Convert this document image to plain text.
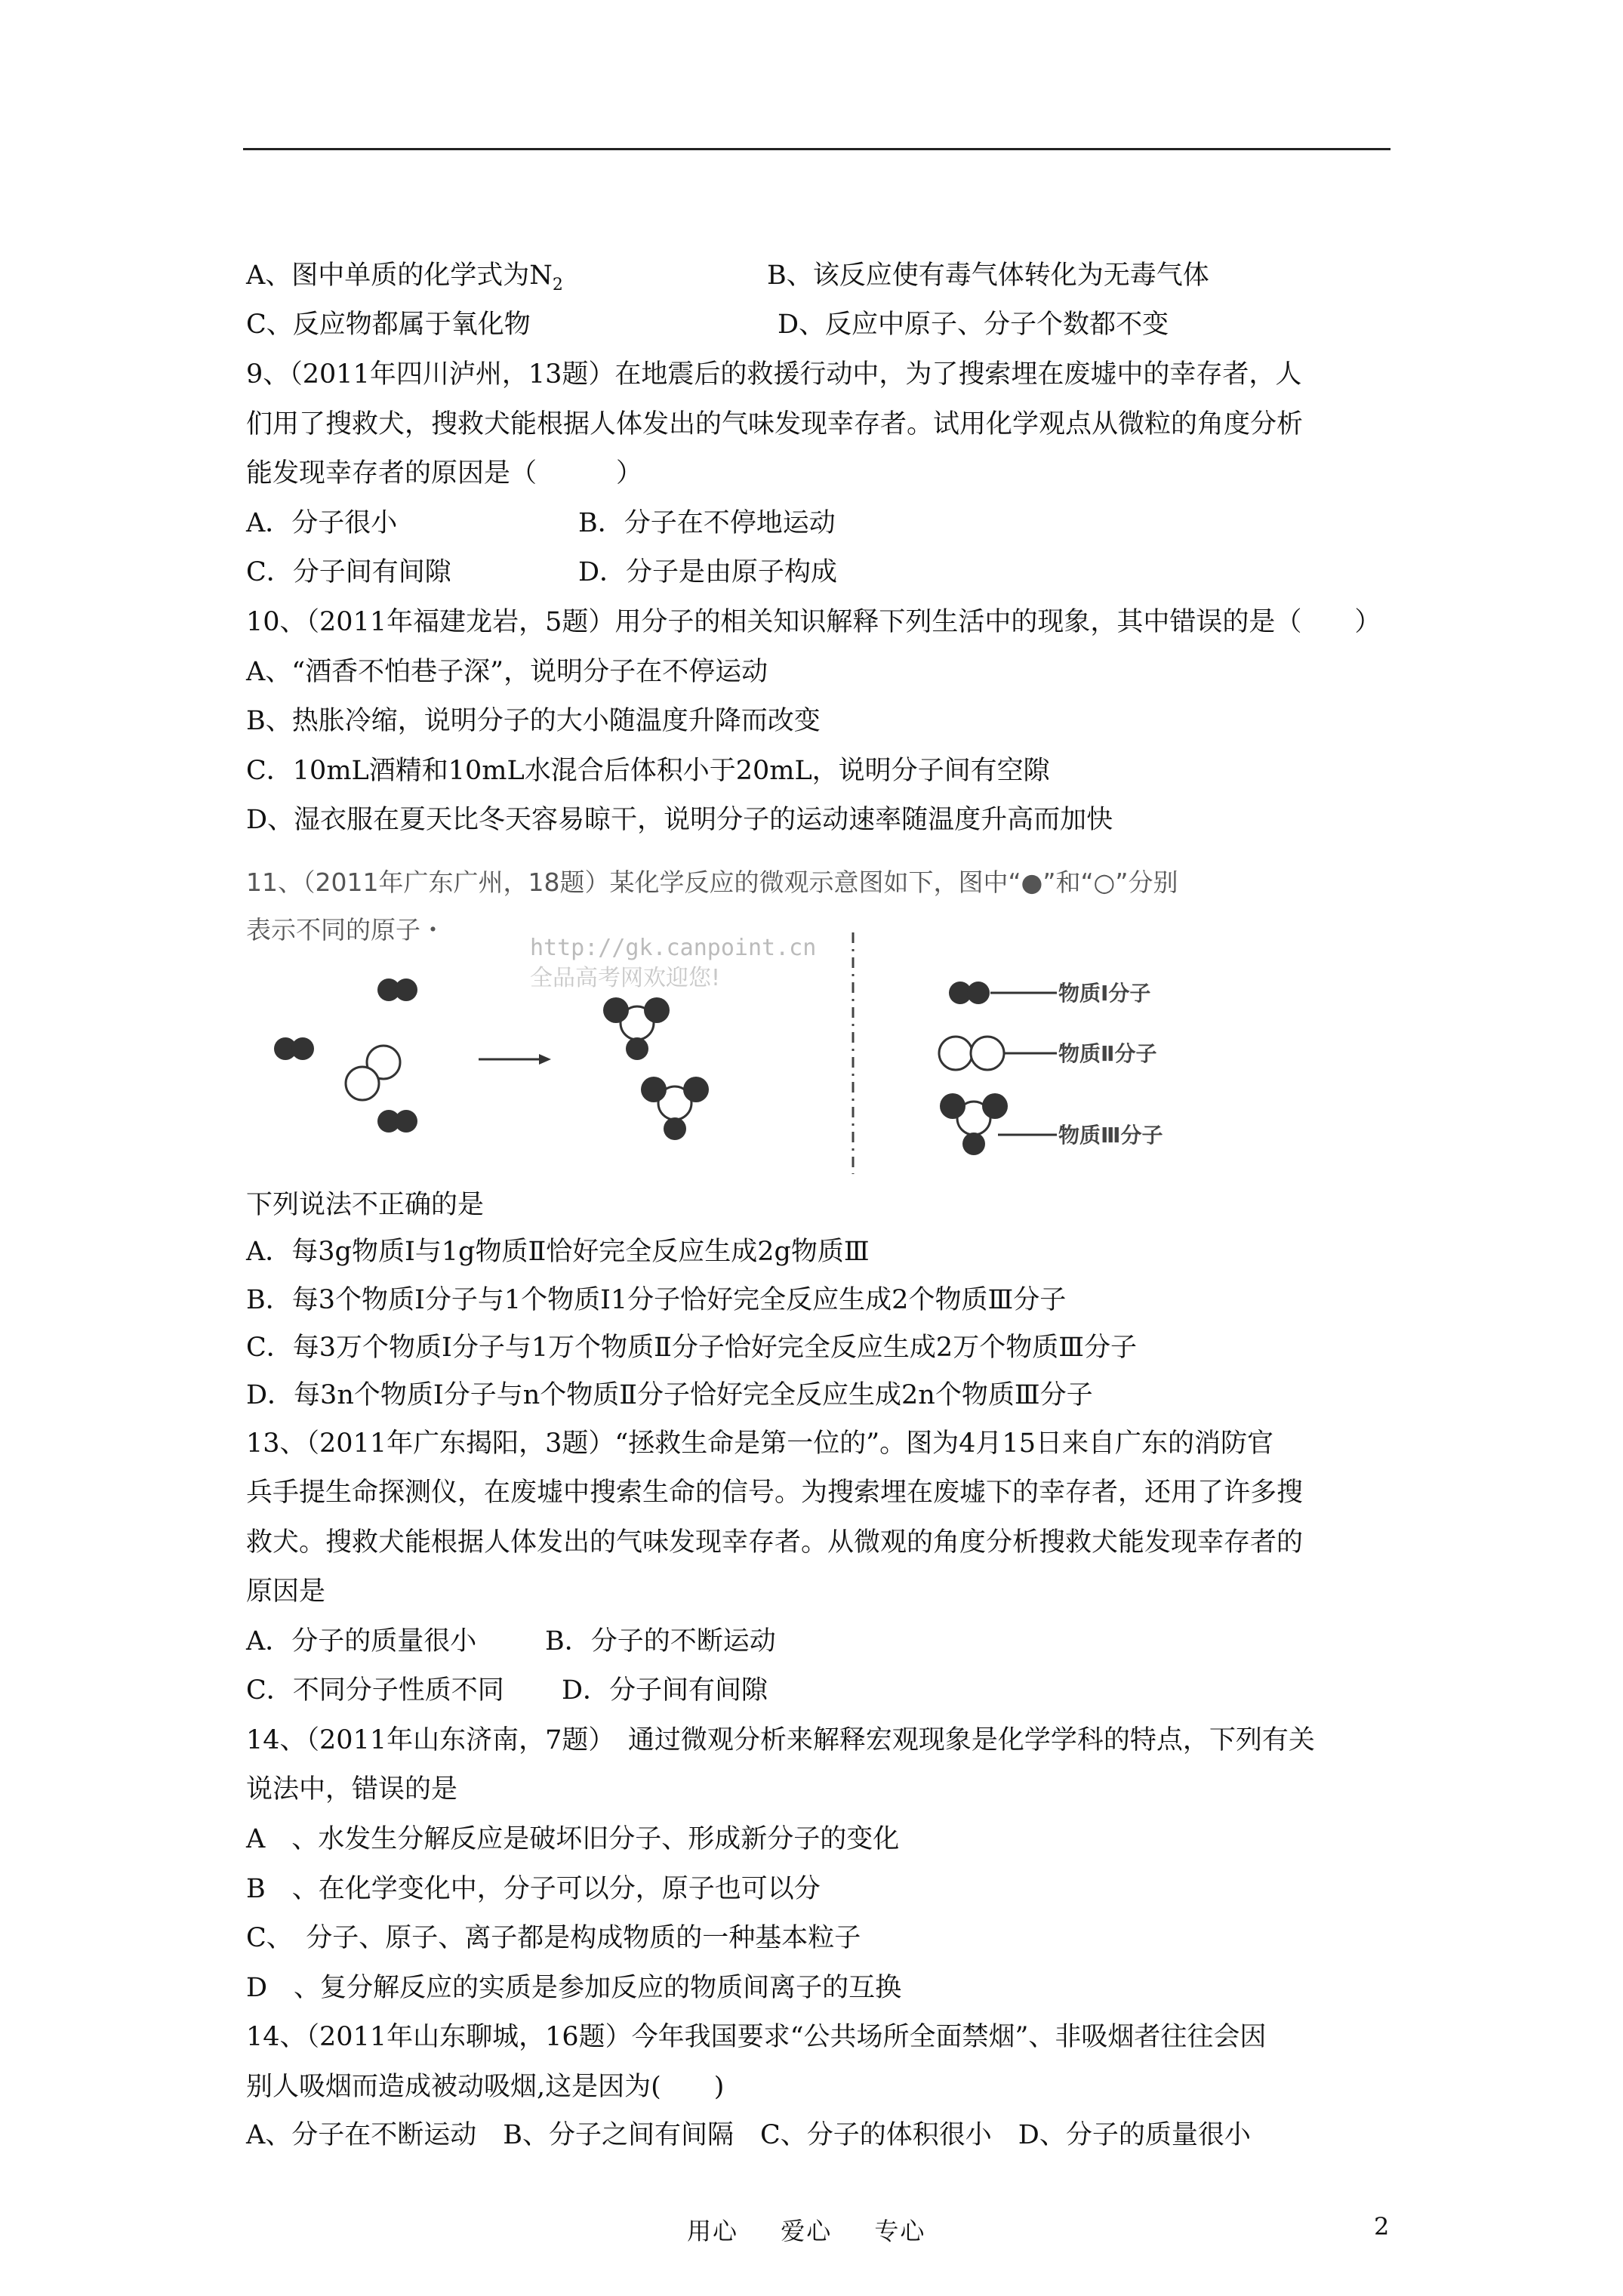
A、图中单质的化学式为$N_2$	B、该反应使有毒气体转化为无毒气体
C、反应物都属于氧化物	D、反应中原子、分子个数都不变
9、（2011年四川泸州，13题）在地震后的救援行动中，为了搜索埋在废墟中的幸存者，人
们用了搜救犬，搜救犬能根据人体发出的气味发现幸存者。试用化学观点从微粒的角度分析
能发现幸存者的原因是（　　　）
A．分子很小	B．分子在不停地运动
C．分子间有间隙	D．分子是由原子构成
10、（2011年福建龙岩，5题）用分子的相关知识解释下列生活中的现象，其中错误的是（　　）
A、“酒香不怕巷子深”，说明分子在不停运动
B、热胀冷缩，说明分子的大小随温度升降而改变
C．10mL酒精和10mL水混合后体积小于20mL，说明分子间有空隙
D、湿衣服在夏天比冬天容易晾干，说明分子的运动速率随温度升高而加快
11、（2011年广东广州，18题）某化学反应的微观示意图如下，图中“●”和“○”分别
表示不同的原子・
http://gk.canpoint.cn
全品高考网欢迎您!
物质Ⅰ分子
物质Ⅱ分子
物质Ⅲ分子
下列说法不正确的是
A．每3g物质Ⅰ与1g物质Ⅱ恰好完全反应生成2g物质Ⅲ
B．每3个物质Ⅰ分子与1个物质I1分子恰好完全反应生成2个物质Ⅲ分子
C．每3万个物质Ⅰ分子与1万个物质Ⅱ分子恰好完全反应生成2万个物质Ⅲ分子
D．每3n个物质Ⅰ分子与n个物质Ⅱ分子恰好完全反应生成2n个物质Ⅲ分子
13、（2011年广东揭阳，3题）“拯救生命是第一位的”。图为4月15日来自广东的消防官
兵手提生命探测仪，在废墟中搜索生命的信号。为搜索埋在废墟下的幸存者，还用了许多搜
救犬。搜救犬能根据人体发出的气味发现幸存者。从微观的角度分析搜救犬能发现幸存者的
原因是
A．分子的质量很小	B．分子的不断运动
C．不同分子性质不同 D．分子间有间隙
14、（2011年山东济南，7题）　通过微观分析来解释宏观现象是化学学科的特点，下列有关
说法中，错误的是
A　、水发生分解反应是破坏旧分子、形成新分子的变化
B　、在化学变化中，分子可以分，原子也可以分
C、　分子、原子、离子都是构成物质的一种基本粒子
D　、复分解反应的实质是参加反应的物质间离子的互换
14、（2011年山东聊城，16题）今年我国要求“公共场所全面禁烟”、非吸烟者往往会因
别人吸烟而造成被动吸烟,这是因为(　　)
用心 爱心 专心	2
A、分子在不断运动　B、分子之间有间隔　C、分子的体积很小　D、分子的质量很小
